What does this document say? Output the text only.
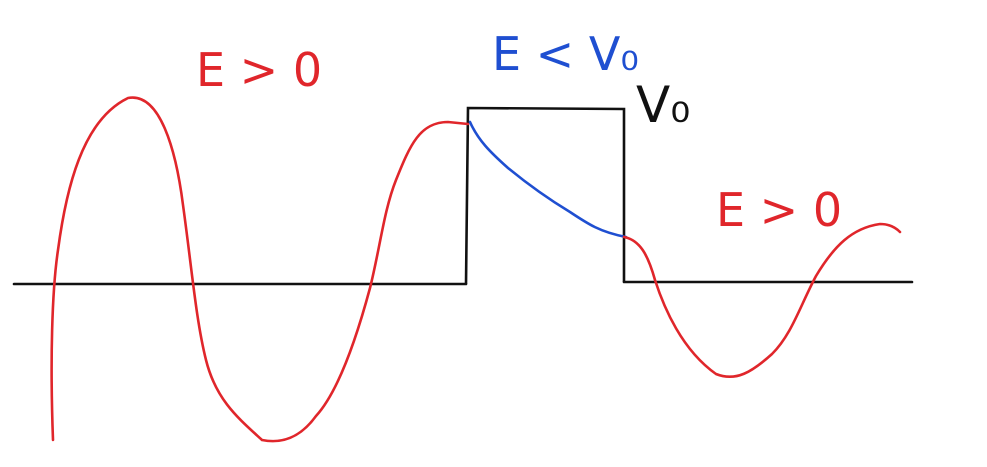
E > 0	E < V₀
V₀
E > 0
